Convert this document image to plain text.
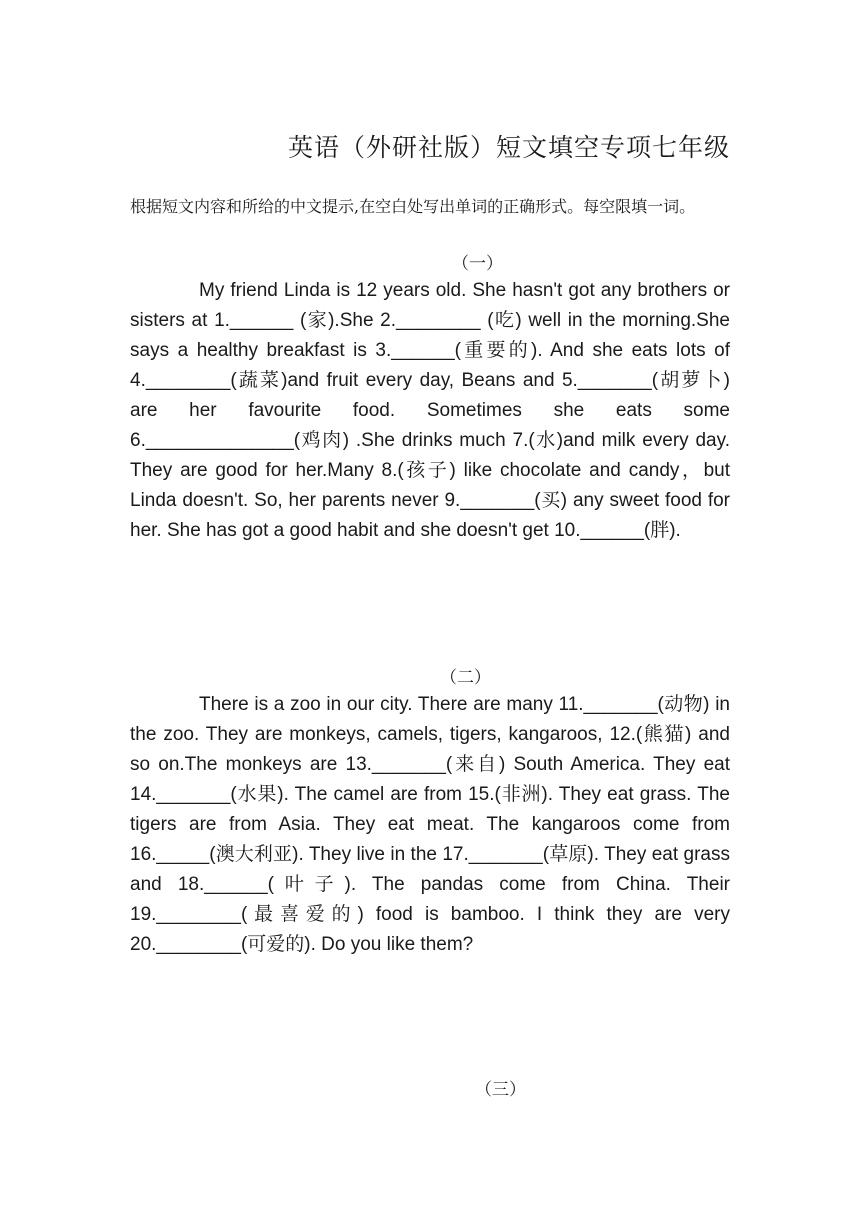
英语（外研社版）短文填空专项七年级
根据短文内容和所给的中文提示,在空白处写出单词的正确形式。每空限填一词。
（一）

My friend Linda is 12 years old. She hasn't got any brothers or sisters at 1.______ (家).She 2.________ (吃) well in the morning.She says a healthy breakfast is 3.______(重要的). And she eats lots of 4.________(蔬菜)and fruit every day, Beans and 5._______(胡萝卜) are her favourite food. Sometimes she eats some 6.______________(鸡肉) .She drinks much 7.(水)and milk every day. They are good for her.Many 8.(孩子) like chocolate and candy，but Linda doesn't. So, her parents never 9._______(买) any sweet food for her. She has got a good habit and she doesn't get 10.______(胖).

（二）

There is a zoo in our city. There are many 11._______(动物) in the zoo. They are monkeys, camels, tigers, kangaroos, 12.(熊猫) and so on.The monkeys are 13._______(来自) South America. They eat 14._______(水果). The camel are from 15.(非洲). They eat grass. The tigers are from Asia. They eat meat. The kangaroos come from 16._____(澳大利亚). They live in the 17._______(草原). They eat grass and 18.______(叶子). The pandas come from China. Their 19.________(最喜爱的) food is bamboo. I think they are very 20.________(可爱的). Do you like them?

（三）
